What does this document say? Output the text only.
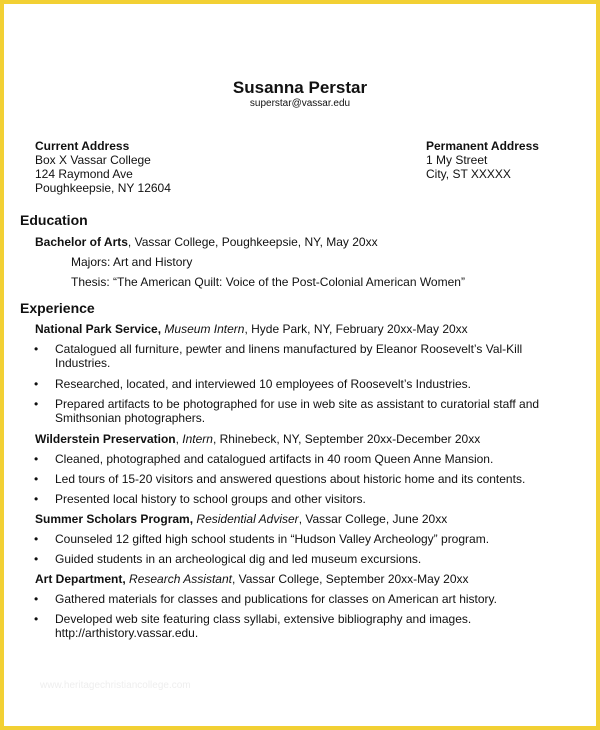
Susanna Perstar
superstar@vassar.edu
Current Address
Box X Vassar College
124 Raymond Ave
Poughkeepsie, NY 12604
Permanent Address
1 My Street
City, ST XXXXX
Education
Bachelor of Arts, Vassar College, Poughkeepsie, NY, May 20xx
Majors: Art and History
Thesis: “The American Quilt: Voice of the Post-Colonial American Women”
Experience
National Park Service, Museum Intern, Hyde Park, NY, February 20xx-May 20xx
• Catalogued all furniture, pewter and linens manufactured by Eleanor Roosevelt’s Val-Kill Industries.
• Researched, located, and interviewed 10 employees of Roosevelt’s Industries.
• Prepared artifacts to be photographed for use in web site as assistant to curatorial staff and Smithsonian photographers.
Wilderstein Preservation, Intern, Rhinebeck, NY, September 20xx-December 20xx
• Cleaned, photographed and catalogued artifacts in 40 room Queen Anne Mansion.
• Led tours of 15-20 visitors and answered questions about historic home and its contents.
• Presented local history to school groups and other visitors.
Summer Scholars Program, Residential Adviser, Vassar College, June 20xx
• Counseled 12 gifted high school students in “Hudson Valley Archeology” program.
• Guided students in an archeological dig and led museum excursions.
Art Department, Research Assistant, Vassar College, September 20xx-May 20xx
• Gathered materials for classes and publications for classes on American art history.
• Developed web site featuring class syllabi, extensive bibliography and images. http://arthistory.vassar.edu.
www.heritagechristiancollege.com
